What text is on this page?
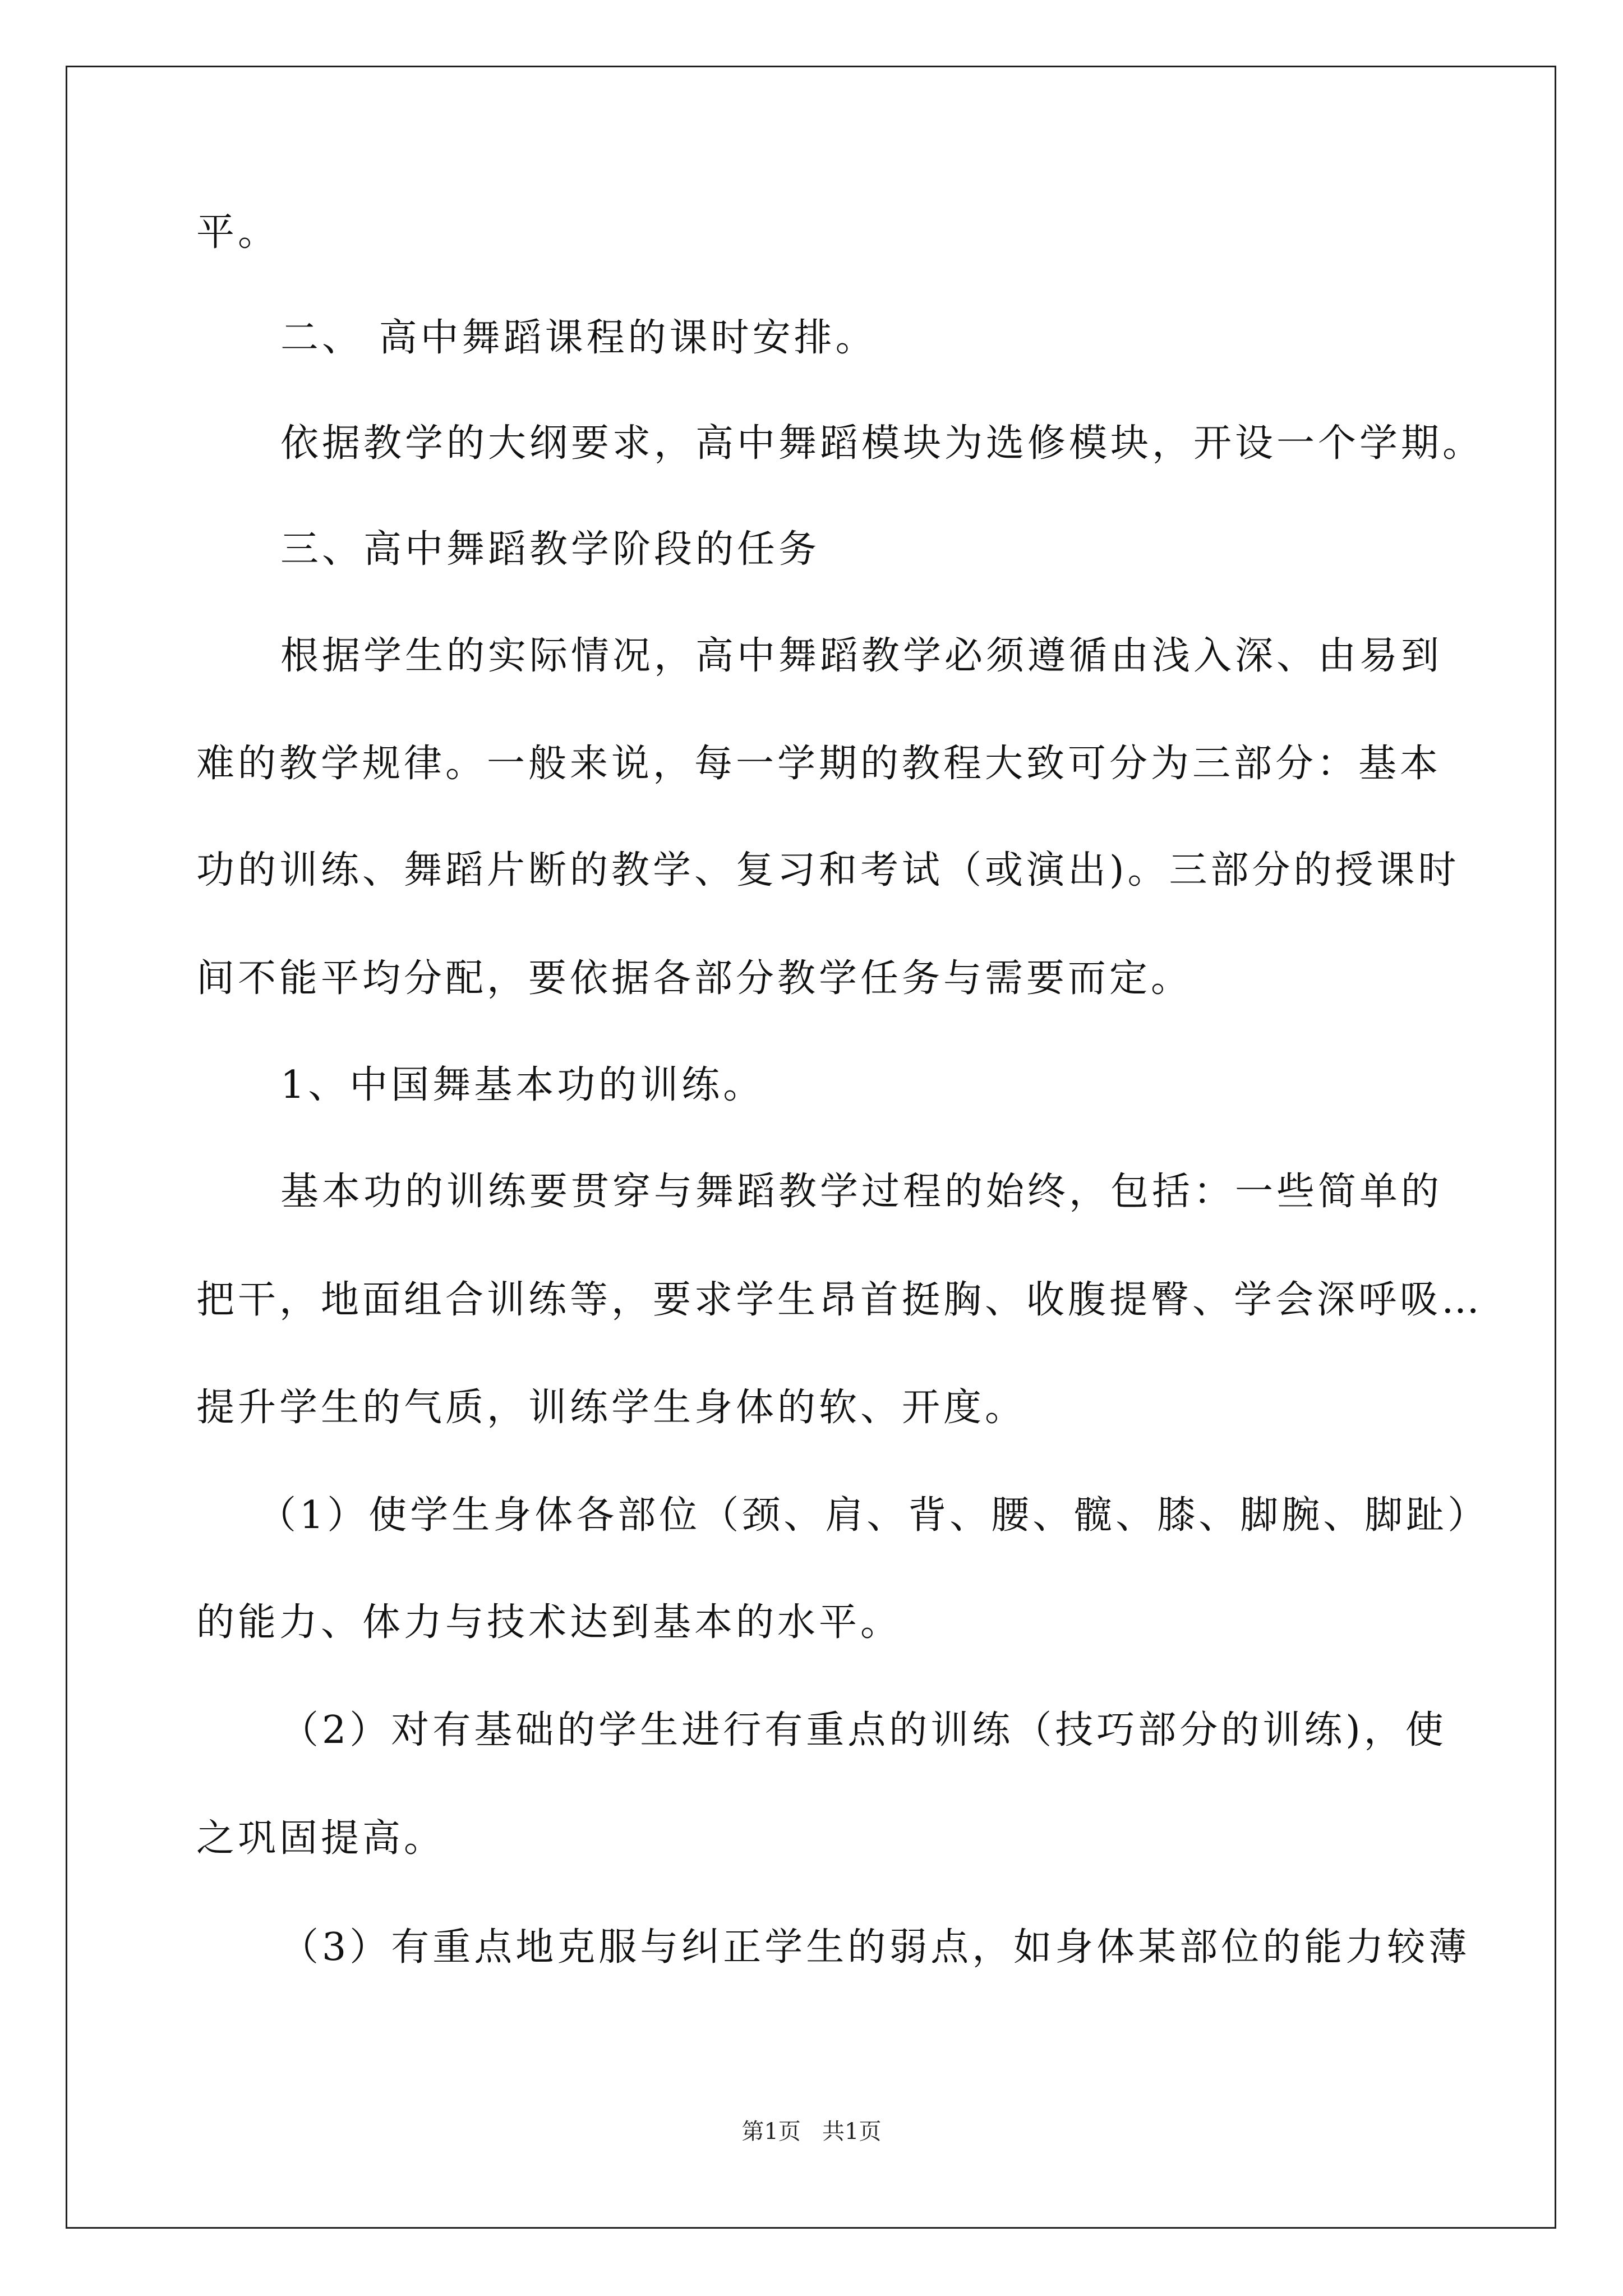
平。
二、 高中舞蹈课程的课时安排。
依据教学的大纲要求，高中舞蹈模块为选修模块，开设一个学期。
三、高中舞蹈教学阶段的任务
根据学生的实际情况，高中舞蹈教学必须遵循由浅入深、由易到
难的教学规律。一般来说，每一学期的教程大致可分为三部分：基本
功的训练、舞蹈片断的教学、复习和考试（或演出)。三部分的授课时
间不能平均分配，要依据各部分教学任务与需要而定。
1、中国舞基本功的训练。
基本功的训练要贯穿与舞蹈教学过程的始终，包括：一些简单的
把干，地面组合训练等，要求学生昂首挺胸、收腹提臀、学会深呼吸…
提升学生的气质，训练学生身体的软、开度。
（1）使学生身体各部位（颈、肩、背、腰、髋、膝、脚腕、脚趾）
的能力、体力与技术达到基本的水平。
（2）对有基础的学生进行有重点的训练（技巧部分的训练)，使
之巩固提高。
（3）有重点地克服与纠正学生的弱点，如身体某部位的能力较薄
第1页   共1页
